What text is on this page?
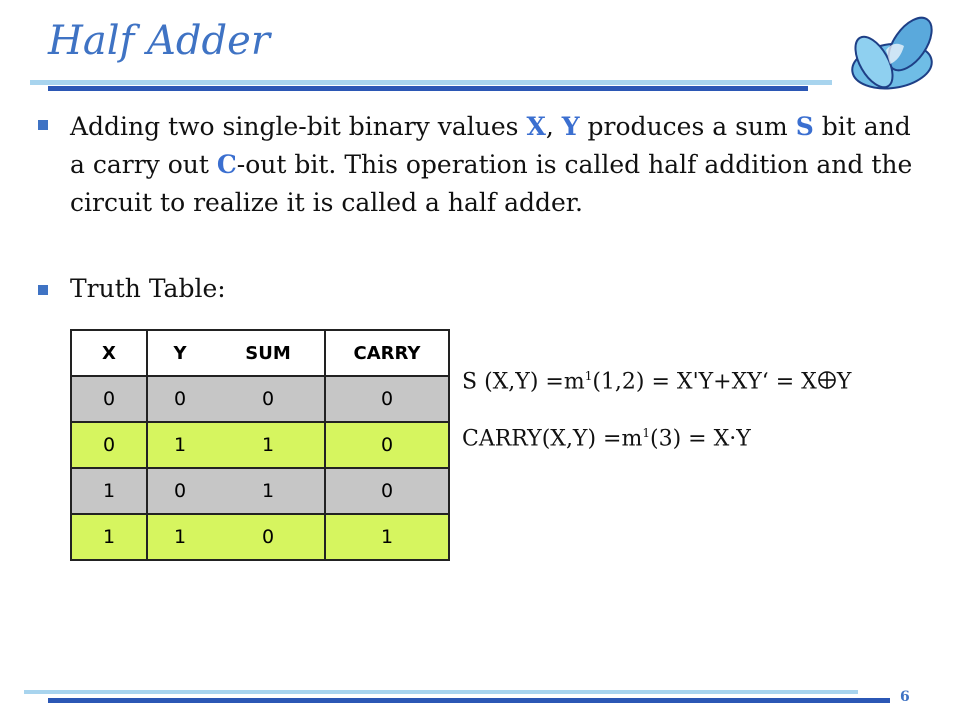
Half Adder

Adding two single-bit binary values X, Y produces a sum S bit and a carry out C-out bit. This operation is called half addition and the circuit to realize it is called a half adder.

Truth Table:
X	Y	SUM	CARRY
0	0	0	0
0	1	1	0
1	0	1	0
1	1	0	1
S $(X,Y) =m^1(1,2)$ = X'Y+XY‘ = X Y
CARRY(X,Y) $=m^1(3) = X\cdot Y$
6
